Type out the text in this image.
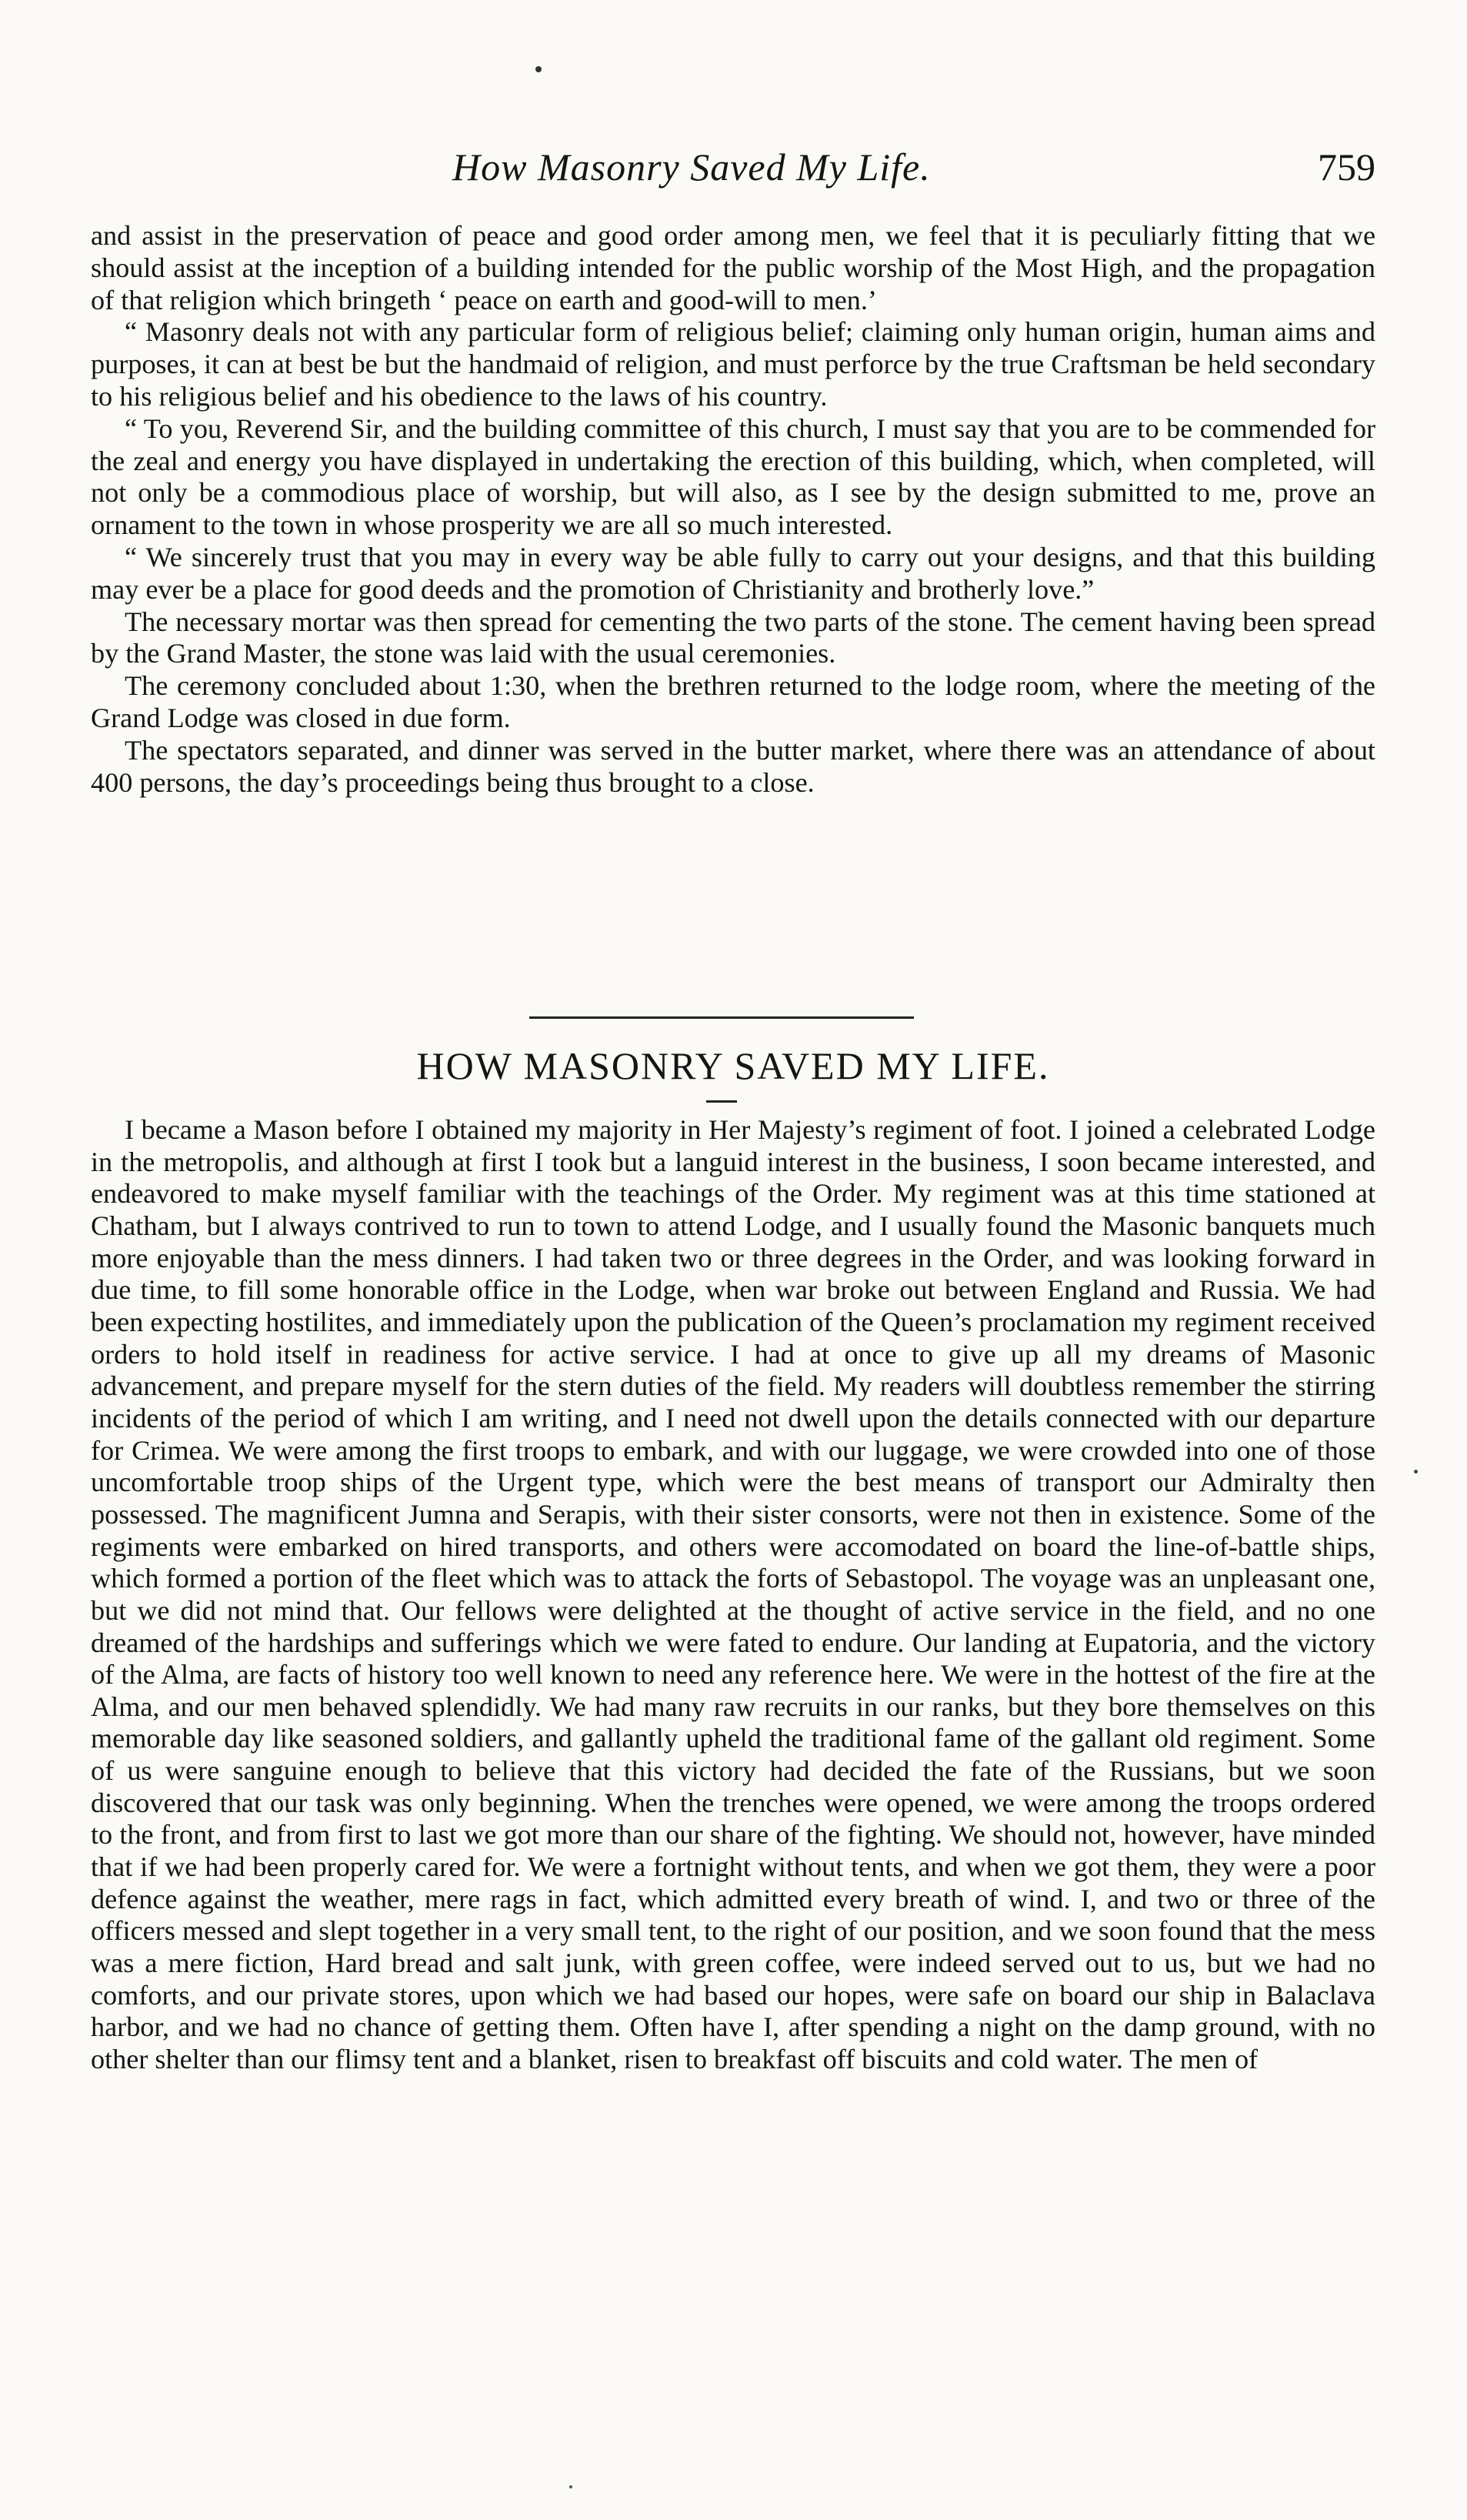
How Masonry Saved My Life.	759

and assist in the preservation of peace and good order among men, we feel that it is peculiarly fitting that we should assist at the inception of a building intended for the public worship of the Most High, and the propagation of that religion which bringeth ‘ peace on earth and good-will to men.’

“ Masonry deals not with any particular form of religious belief; claiming only human origin, human aims and purposes, it can at best be but the handmaid of religion, and must perforce by the true Craftsman be held secondary to his religious belief and his obedience to the laws of his country.

“ To you, Reverend Sir, and the building committee of this church, I must say that you are to be commended for the zeal and energy you have displayed in undertaking the erection of this building, which, when completed, will not only be a commodious place of worship, but will also, as I see by the design submitted to me, prove an ornament to the town in whose prosperity we are all so much interested.

“ We sincerely trust that you may in every way be able fully to carry out your designs, and that this building may ever be a place for good deeds and the promotion of Christianity and brotherly love.”

The necessary mortar was then spread for cementing the two parts of the stone. The cement having been spread by the Grand Master, the stone was laid with the usual ceremonies.

The ceremony concluded about 1:30, when the brethren returned to the lodge room, where the meeting of the Grand Lodge was closed in due form.

The spectators separated, and dinner was served in the butter market, where there was an attendance of about 400 persons, the day’s proceedings being thus brought to a close.

HOW MASONRY SAVED MY LIFE.

I became a Mason before I obtained my majority in Her Majesty’s regiment of foot. I joined a celebrated Lodge in the metropolis, and although at first I took but a languid interest in the business, I soon became interested, and endeavored to make myself familiar with the teachings of the Order. My regiment was at this time stationed at Chatham, but I always contrived to run to town to attend Lodge, and I usually found the Masonic banquets much more enjoyable than the mess dinners. I had taken two or three degrees in the Order, and was looking forward in due time, to fill some honorable office in the Lodge, when war broke out between England and Russia. We had been expecting hostilites, and immediately upon the publication of the Queen’s proclamation my regiment received orders to hold itself in readiness for active service. I had at once to give up all my dreams of Masonic advancement, and prepare myself for the stern duties of the field. My readers will doubtless remember the stirring incidents of the period of which I am writing, and I need not dwell upon the details connected with our departure for Crimea. We were among the first troops to embark, and with our luggage, we were crowded into one of those uncomfortable troop ships of the Urgent type, which were the best means of transport our Admiralty then possessed. The magnificent Jumna and Serapis, with their sister consorts, were not then in existence. Some of the regiments were embarked on hired transports, and others were accomodated on board the line-of-battle ships, which formed a portion of the fleet which was to attack the forts of Sebastopol. The voyage was an unpleasant one, but we did not mind that. Our fellows were delighted at the thought of active service in the field, and no one dreamed of the hardships and sufferings which we were fated to endure. Our landing at Eupatoria, and the victory of the Alma, are facts of history too well known to need any reference here. We were in the hottest of the fire at the Alma, and our men behaved splendidly. We had many raw recruits in our ranks, but they bore themselves on this memorable day like seasoned soldiers, and gallantly upheld the traditional fame of the gallant old regiment. Some of us were sanguine enough to believe that this victory had decided the fate of the Russians, but we soon discovered that our task was only beginning. When the trenches were opened, we were among the troops ordered to the front, and from first to last we got more than our share of the fighting. We should not, however, have minded that if we had been properly cared for. We were a fortnight without tents, and when we got them, they were a poor defence against the weather, mere rags in fact, which admitted every breath of wind. I, and two or three of the officers messed and slept together in a very small tent, to the right of our position, and we soon found that the mess was a mere fiction, Hard bread and salt junk, with green coffee, were indeed served out to us, but we had no comforts, and our private stores, upon which we had based our hopes, were safe on board our ship in Balaclava harbor, and we had no chance of getting them. Often have I, after spending a night on the damp ground, with no other shelter than our flimsy tent and a blanket, risen to breakfast off biscuits and cold water. The men of
